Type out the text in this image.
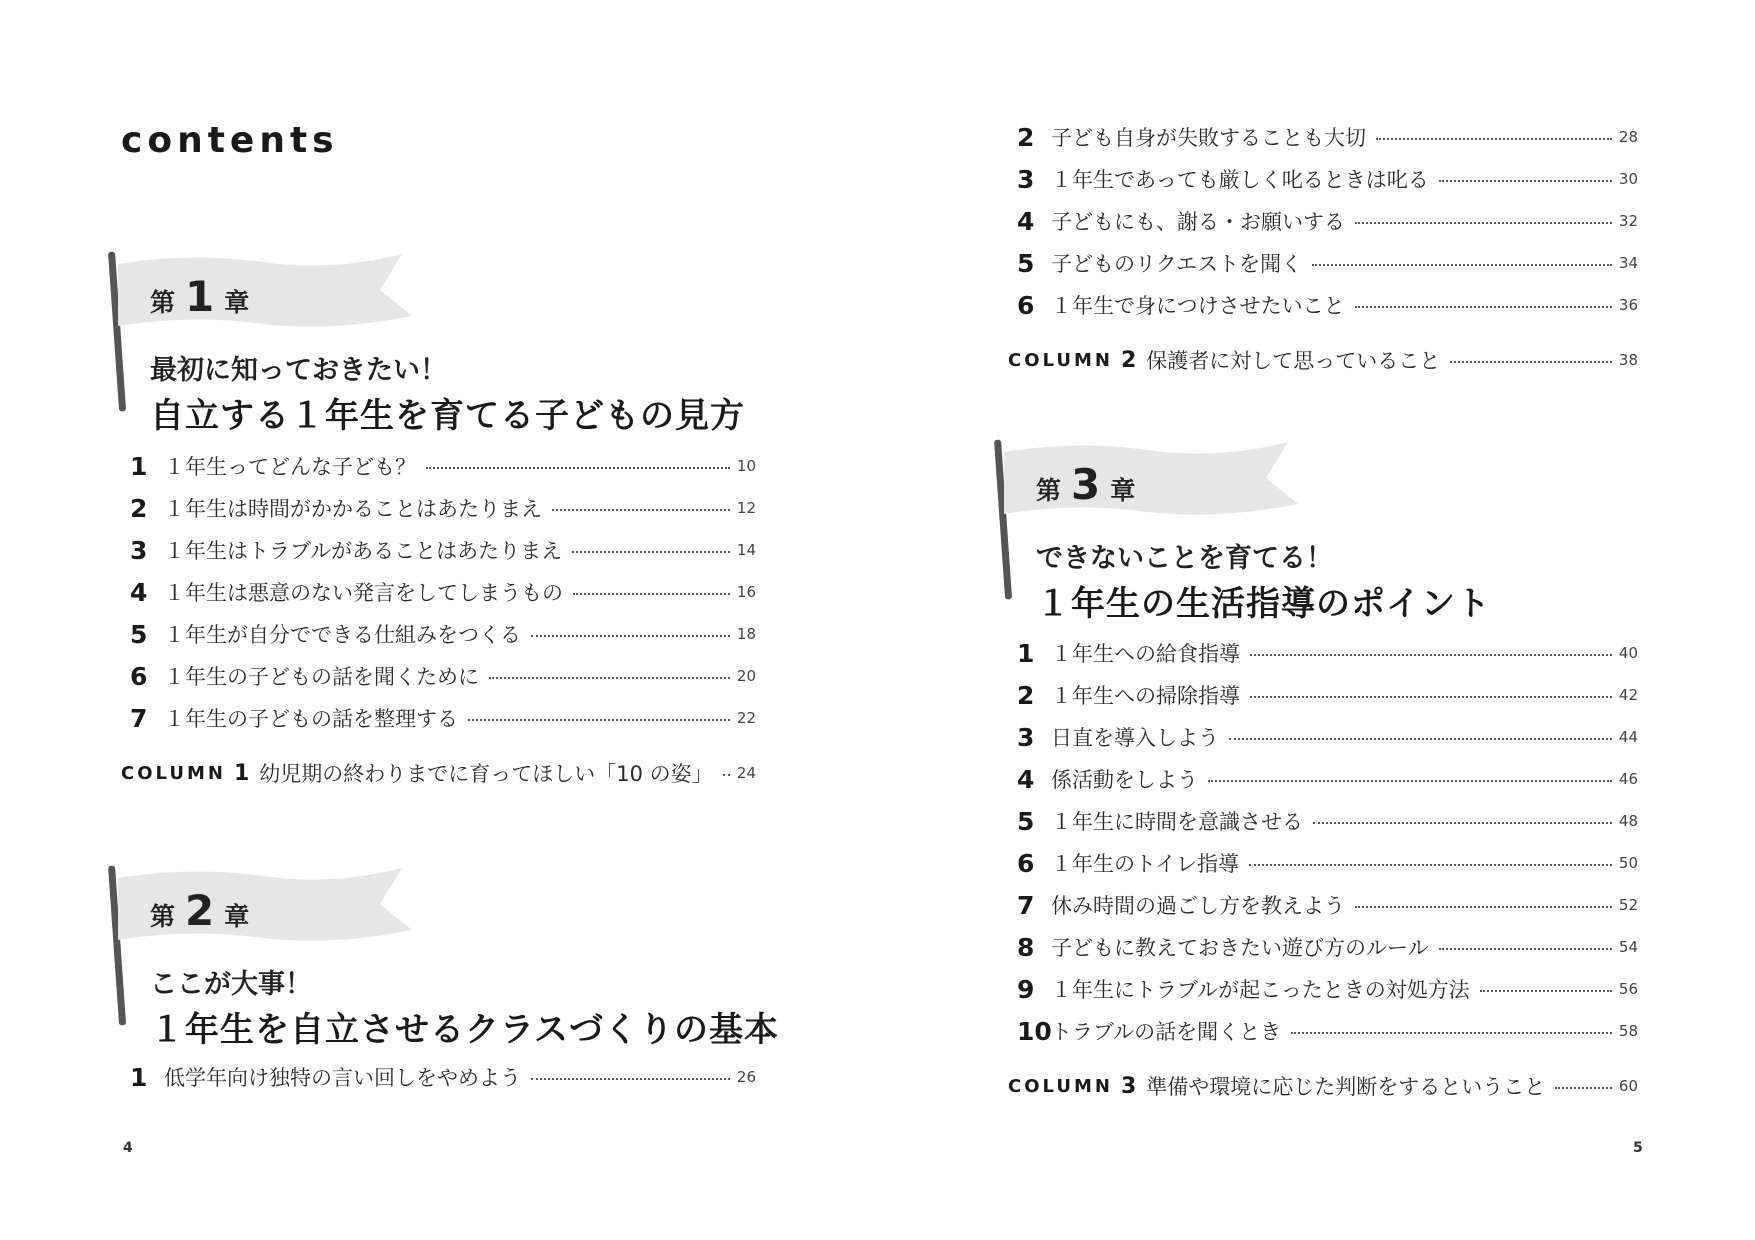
contents
第 1 章
最初に知っておきたい！
自立する１年生を育てる子どもの見方
1 １年生ってどんな子ども？	10
2 １年生は時間がかかることはあたりまえ	12
3 １年生はトラブルがあることはあたりまえ	14
4 １年生は悪意のない発言をしてしまうもの	16
5 １年生が自分でできる仕組みをつくる	18
6 １年生の子どもの話を聞くために	20
7 １年生の子どもの話を整理する	22
COLUMN 1 幼児期の終わりまでに育ってほしい「10 の姿」 24
第 2 章
ここが大事！
１年生を自立させるクラスづくりの基本
1 低学年向け独特の言い回しをやめよう	26
4
2 子ども自身が失敗することも大切	28
3 １年生であっても厳しく叱るときは叱る	30
4 子どもにも、謝る・お願いする	32
5 子どものリクエストを聞く	34
6 １年生で身につけさせたいこと	36
COLUMN 2 保護者に対して思っていること	38
第 3 章
できないことを育てる！
１年生の生活指導のポイント
1 １年生への給食指導	40
2 １年生への掃除指導	42
3 日直を導入しよう	44
4 係活動をしよう	46
5 １年生に時間を意識させる	48
6 １年生のトイレ指導	50
7 休み時間の過ごし方を教えよう	52
8 子どもに教えておきたい遊び方のルール	54
9 １年生にトラブルが起こったときの対処方法	56
10 トラブルの話を聞くとき	58
COLUMN 3 準備や環境に応じた判断をするということ	60
5
